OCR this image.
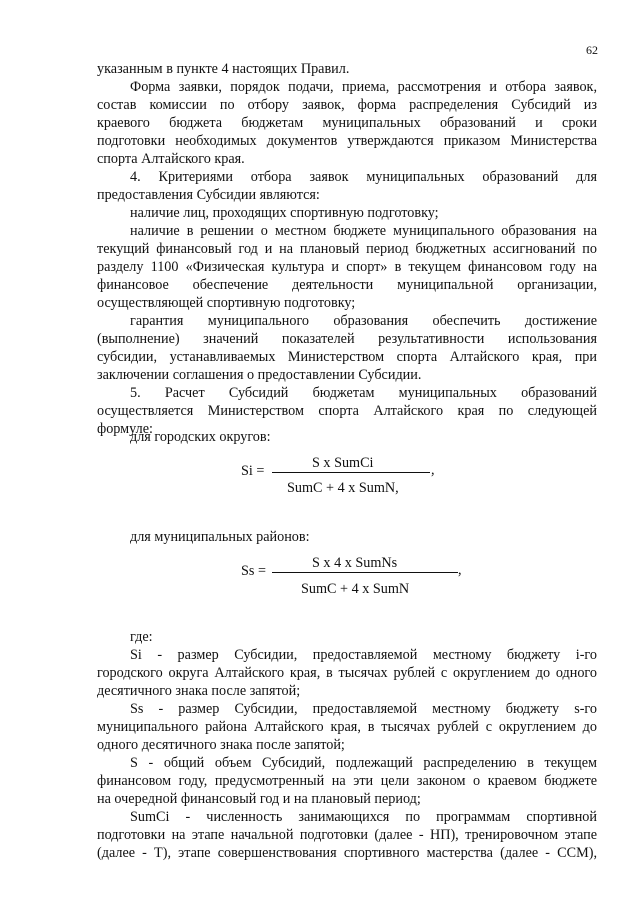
62
указанным в пункте 4 настоящих Правил.
Форма заявки, порядок подачи, приема, рассмотрения и отбора заявок,
состав комиссии по отбору заявок, форма распределения Субсидий из
краевого бюджета бюджетам муниципальных образований и сроки
подготовки необходимых документов утверждаются приказом Министерства
спорта Алтайского края.
4. Критериями отбора заявок муниципальных образований для
предоставления Субсидии являются:
наличие лиц, проходящих спортивную подготовку;
наличие в решении о местном бюджете муниципального образования на
текущий финансовый год и на плановый период бюджетных ассигнований по
разделу 1100 «Физическая культура и спорт» в текущем финансовом году на
финансовое обеспечение деятельности муниципальной организации,
осуществляющей спортивную подготовку;
гарантия муниципального образования обеспечить достижение
(выполнение) значений показателей результативности использования
субсидии, устанавливаемых Министерством спорта Алтайского края, при
заключении соглашения о предоставлении Субсидии.
5. Расчет Субсидий бюджетам муниципальных образований
осуществляется Министерством спорта Алтайского края по следующей
формуле:
для городских округов:
Si =	S x SumCi	,
SumC + 4 x SumN,
для муниципальных районов:
Ss =	S x 4 x SumNs	,
SumC + 4 x SumN
где:
Si - размер Субсидии, предоставляемой местному бюджету i-го
городского округа Алтайского края, в тысячах рублей с округлением до одного
десятичного знака после запятой;
Ss - размер Субсидии, предоставляемой местному бюджету s-го
муниципального района Алтайского края, в тысячах рублей с округлением до
одного десятичного знака после запятой;
S - общий объем Субсидий, подлежащий распределению в текущем
финансовом году, предусмотренный на эти цели законом о краевом бюджете
на очередной финансовый год и на плановый период;
SumCi - численность занимающихся по программам спортивной
подготовки на этапе начальной подготовки (далее - НП), тренировочном этапе
(далее - Т), этапе совершенствования спортивного мастерства (далее - ССМ),
